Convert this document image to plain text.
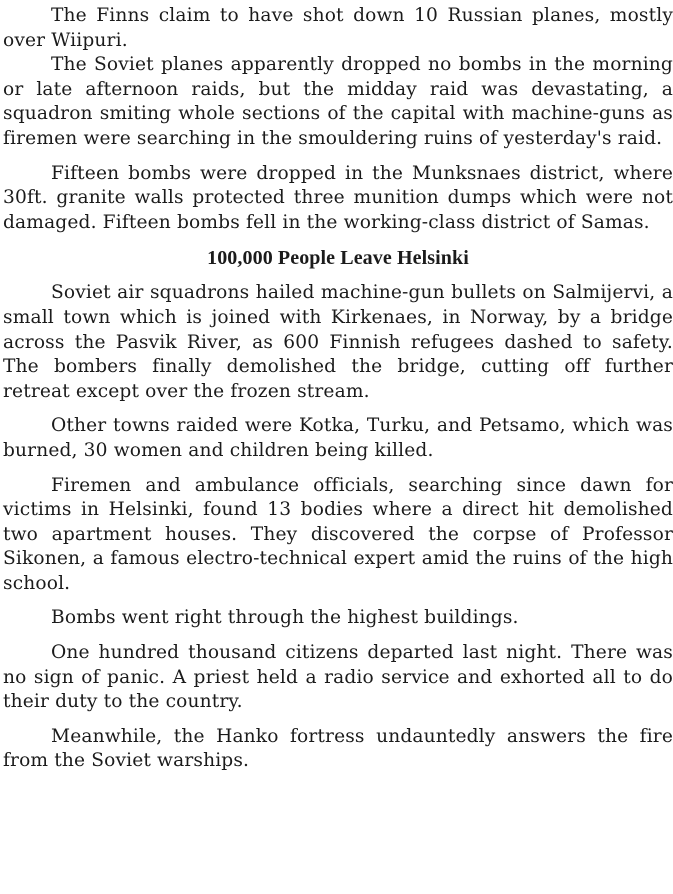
The Finns claim to have shot down 10 Russian planes, mostly over Wiipuri.

The Soviet planes apparently dropped no bombs in the morning or late afternoon raids, but the midday raid was devastating, a squadron smiting whole sections of the capital with machine-guns as firemen were searching in the smouldering ruins of yesterday's raid.

Fifteen bombs were dropped in the Munksnaes district, where 30ft. granite walls protected three munition dumps which were not damaged. Fifteen bombs fell in the working-class district of Samas.

100,000 People Leave Helsinki

Soviet air squadrons hailed machine-gun bullets on Salmijervi, a small town which is joined with Kirkenaes, in Norway, by a bridge across the Pasvik River, as 600 Finnish refugees dashed to safety. The bombers finally demolished the bridge, cutting off further retreat except over the frozen stream.

Other towns raided were Kotka, Turku, and Petsamo, which was burned, 30 women and children being killed.

Firemen and ambulance officials, searching since dawn for victims in Helsinki, found 13 bodies where a direct hit demolished two apartment houses. They discovered the corpse of Professor Sikonen, a famous electro-technical expert amid the ruins of the high school.

Bombs went right through the highest buildings.

One hundred thousand citizens departed last night. There was no sign of panic. A priest held a radio service and exhorted all to do their duty to the country.

Meanwhile, the Hanko fortress undauntedly answers the fire from the Soviet warships.
